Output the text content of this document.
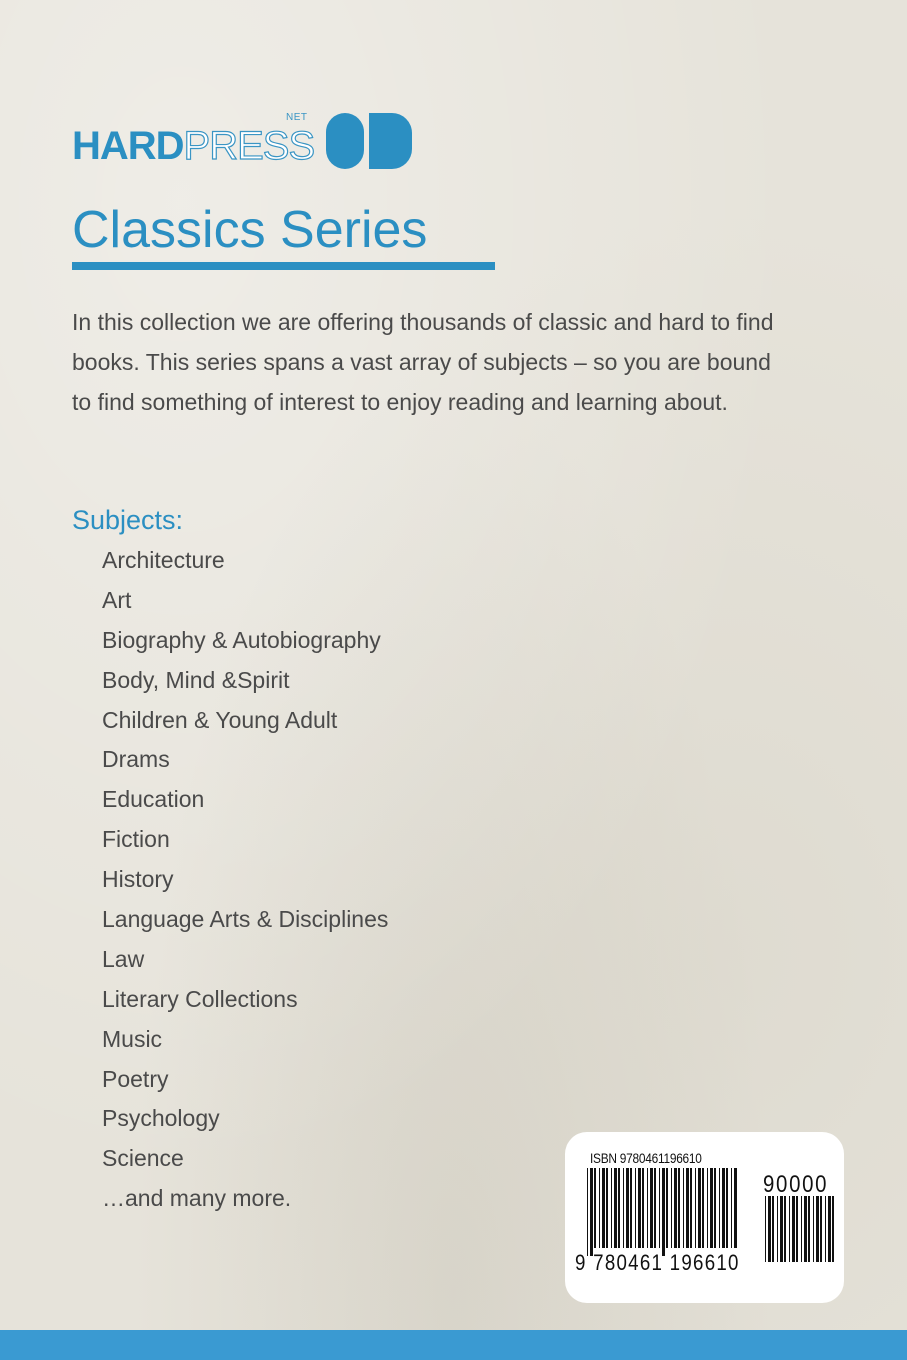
HARDPRESS
NET
Classics Series

In this collection we are offering thousands of classic and hard to find books. This series spans a vast array of subjects – so you are bound to find something of interest to enjoy reading and learning about.

Subjects:
Architecture
Art
Biography & Autobiography
Body, Mind &Spirit
Children & Young Adult
Drams
Education
Fiction
History
Language Arts & Disciplines
Law
Literary Collections
Music
Poetry
Psychology
Science
…and many more.
ISBN 9780461196610
90000
9 780461 196610
